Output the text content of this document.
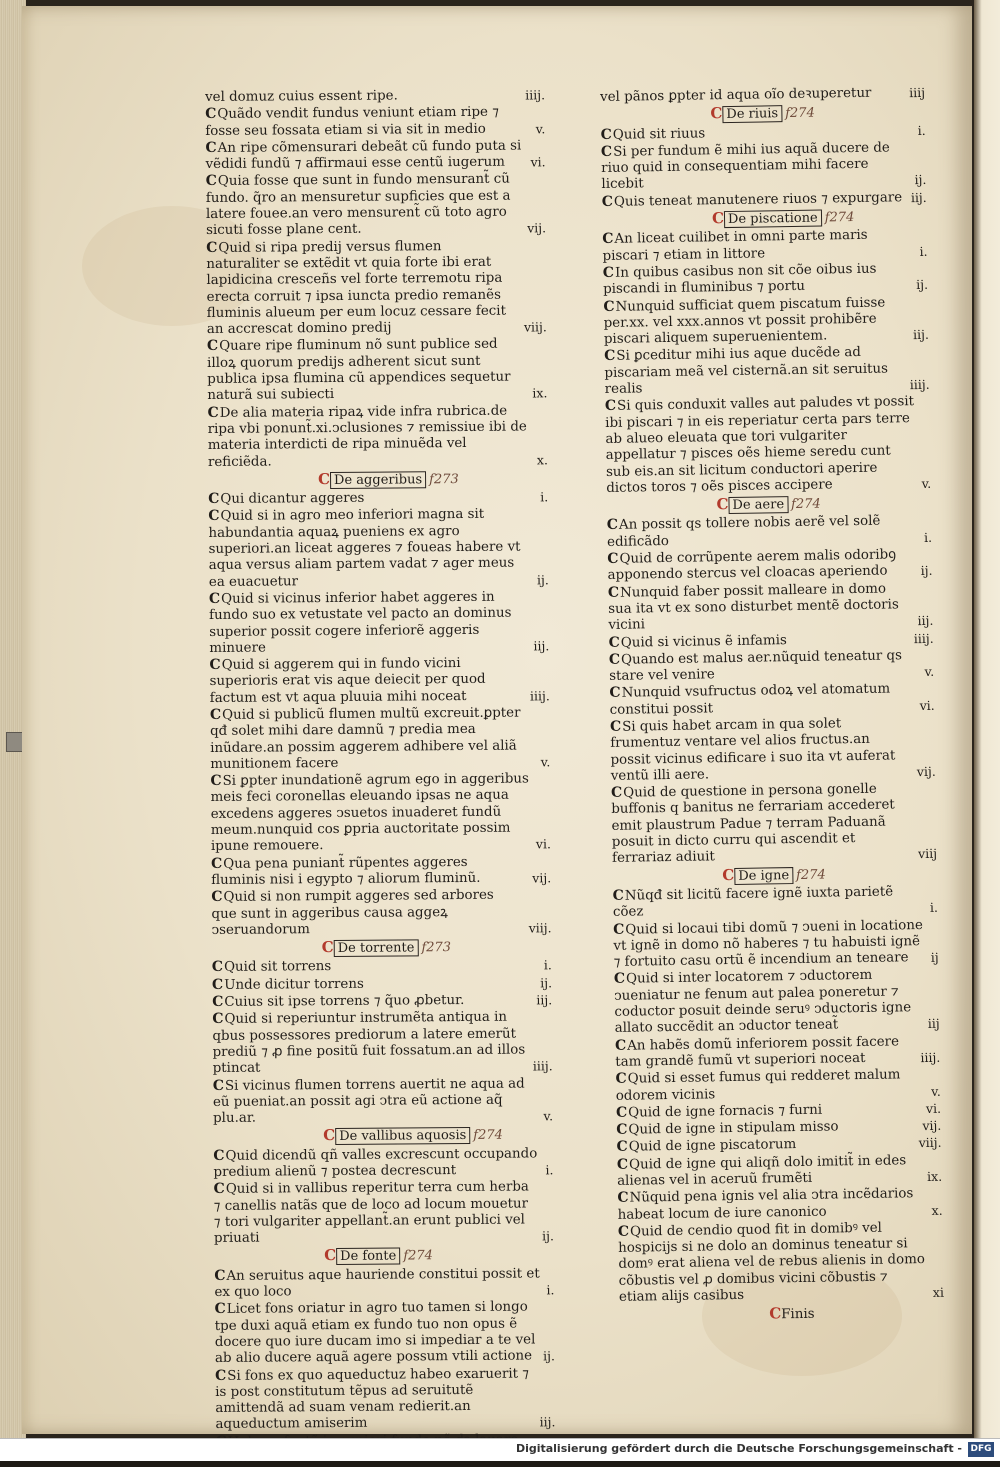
vel domuz cuius essent ripe.	iiij.
C Quãdo vendit fundus veniunt etiam ripe ⁊ fosse seu fossata etiam si via sit in medio	v.
C An ripe cõmensurari debeãt cũ fundo puta si vẽdidi fundũ ⁊ affirmaui esse centũ iugerum	vi.
C Quia fosse que sunt in fundo mensurant̃ cũ fundo. q̃ro an mensuretur supficies que est a latere fouee.an vero mensurent̃ cũ toto agro sicuti fosse plane cent.	vij.
C Quid si ripa predij versus flumen naturaliter se extẽdit vt quia forte ibi erat lapidicina cresceñs vel forte terremotu ripa erecta corruit ⁊ ipsa iuncta predio remanẽs fluminis alueum per eum locuz cessare fecit an accrescat domino predij	viij.
C Quare ripe fluminum nõ sunt publice sed illoꝝ quorum predijs adherent sicut sunt publica ipsa flumina cũ appendices sequetur naturã sui subiecti	ix.
C De alia materia ripaꝝ vide infra rubrica.de ripa vbi ponunt̃.xi.ↄclusiones ⁊ remissiue ibi de materia interdicti de ripa minuẽda vel reficiẽda.	x.
C De aggeribus f273
C Qui dicantur aggeres	i.
C Quid si in agro meo inferiori magna sit habundantia aquaꝝ pueniens ex agro superiori.an liceat aggeres ⁊ foueas habere vt aqua versus aliam partem vadat ⁊ ager meus ea euacuetur	ij.
C Quid si vicinus inferior habet aggeres in fundo suo ex vetustate vel pacto an dominus superior possit cogere inferiorẽ aggeris minuere	iij.
C Quid si aggerem qui in fundo vicini superioris erat vis aque deiecit per quod factum est vt aqua pluuia mihi noceat	iiij.
C Quid si publicũ flumen multũ excreuit.ꝑpter qđ solet mihi dare damnũ ⁊ predia mea inũdare.an possim aggerem adhibere vel aliã munitionem facere	v.
C Si ꝑpter inundationẽ agrum ego in aggeribus meis feci coronellas eleuando ipsas ne aqua excedens aggeres ↄsuetos inuaderet fundũ meum.nunquid cos ꝑpria auctoritate possim ipune remouere.	vi.
C Qua pena puniant̃ rũpentes aggeres fluminis nisi i egypto ⁊ aliorum fluminũ.	vij.
C Quid si non rumpit aggeres sed arbores que sunt in aggeribus causa aggeꝝ ↄseruandorum	viij.
C De torrente f273
C Quid sit torrens	i.
C Unde dicitur torrens	ij.
C Cuius sit ipse torrens ⁊ q̃uo ꝓbetur.	iij.
C Quid si reperiuntur instrumẽta antiqua in qbus possessores prediorum a latere emerũt prediũ ⁊ ꝓ fine positũ fuit fossatum.an ad illos ptincat	iiij.
C Si vicinus flumen torrens auertit ne aqua ad eũ pueniat.an possit agi ↄtra eũ actione aq̃ plu.ar.	v.
C De vallibus aquosis f274
C Quid dicendũ qñ valles excrescunt occupando predium alienũ ⁊ postea decrescunt	i.
C Quid si in vallibus reperitur terra cum herba ⁊ canellis natãs que de loco ad locum mouetur ⁊ tori vulgariter appellant̃.an erunt publici vel priuati	ij.
C De fonte f274
C An seruitus aque hauriende constitui possit et ex quo loco	i.
C Licet fons oriatur in agro tuo tamen si longo tpe duxi aquã etiam ex fundo tuo non opus ẽ docere quo iure ducam imo si impediar a te vel ab alio ducere aquã agere possum vtili actione ij.
C Si fons ex quo aqueductuz habeo exaruerit ⁊ is post constitutum tẽpus ad seruitutẽ amittendã ad suam venam redierit.an aqueductum amiserim	iij.
vel pãnos ꝑpter id aqua oĩo deꝛuperetur	iiij
C De riuis f274
C Quid sit riuus	i.
C Si per fundum ẽ mihi ius aquã ducere de riuo quid in consequentiam mihi facere licebit	ij.
C Quis teneat manutenere riuos ⁊ expurgare iij.
C De piscatione f274
C An liceat cuilibet in omni parte maris piscari ⁊ etiam in littore	i.
C In quibus casibus non sit cõe oibus ius piscandi in fluminibus ⁊ portu	ij.
C Nunquid sufficiat quem piscatum fuisse per.xx. vel xxx.annos vt possit prohibẽre piscari aliquem superuenientem.	iij.
C Si ꝑceditur mihi ius aque ducẽde ad piscariam meã vel cisternã.an sit seruitus realis	iiij.
C Si quis conduxit valles aut paludes vt possit ibi piscari ⁊ in eis reperiatur certa pars terre ab alueo eleuata que tori vulgariter appellatur ⁊ pisces oẽs hieme seredu cunt sub eis.an sit licitum conductori aperire dictos toros ⁊ oẽs pisces accipere	v.
C De aere f274
C An possit qs tollere nobis aerẽ vel solẽ edificãdo	i.
C Quid de corrũpente aerem malis odoribꝯ apponendo stercus vel cloacas aperiendo	ij.
C Nunquid faber possit malleare in domo sua ita vt ex sono disturbet mentẽ doctoris vicini	iij.
C Quid si vicinus ẽ infamis	iiij.
C Quando est malus aer.nũquid teneatur qs stare vel venire	v.
C Nunquid vsufructus odoꝝ vel atomatum constitui possit	vi.
C Si quis habet arcam in qua solet frumentuz ventare vel alios fructus.an possit vicinus edificare i suo ita vt auferat ventũ illi aere.	vij.
C Quid de questione in persona gonelle buffonis q banitus ne ferrariam accederet emit plaustrum Padue ⁊ terram Paduanã posuit in dicto curru qui ascendit et ferrariaz adiuit	viij
C De igne f274
C Nũqđ sit licitũ facere ignẽ iuxta parietẽ cõez	i.
C Quid si locaui tibi domũ ⁊ ↄueni in locatione vt ignẽ in domo nõ haberes ⁊ tu habuisti ignẽ ⁊ fortuito casu ortũ ẽ incendium an teneare	ij
C Quid si inter locatorem ⁊ ↄductorem ↄueniatur ne fenum aut palea poneretur ⁊ coductor posuit deinde seruꝰ ↄductoris igne allato succẽdit an ↄductor teneat̃	iij
C An habẽs domũ inferiorem possit facere tam grandẽ fumũ vt superiori noceat	iiij.
C Quid si esset fumus qui redderet malum odorem vicinis	v.
C Quid de igne fornacis ⁊ furni	vi.
C Quid de igne in stipulam misso	vij.
C Quid de igne piscatorum	viij.
C Quid de igne qui aliqñ dolo imitit̃ in edes alienas vel in aceruũ frumẽti	ix.
C Nũquid pena ignis vel alia ↄtra incẽdarios habeat locum de iure canonico	x.
C Quid de cendio quod fit in domibꝰ vel hospicijs si ne dolo an dominus teneatur si domꝰ erat aliena vel de rebus alienis in domo cõbustis vel ꝓ domibus vicini cõbustis ⁊ etiam alijs casibus	xi
CFinis
Digitalisierung gefördert durch die Deutsche Forschungsgemeinschaft - DFG
